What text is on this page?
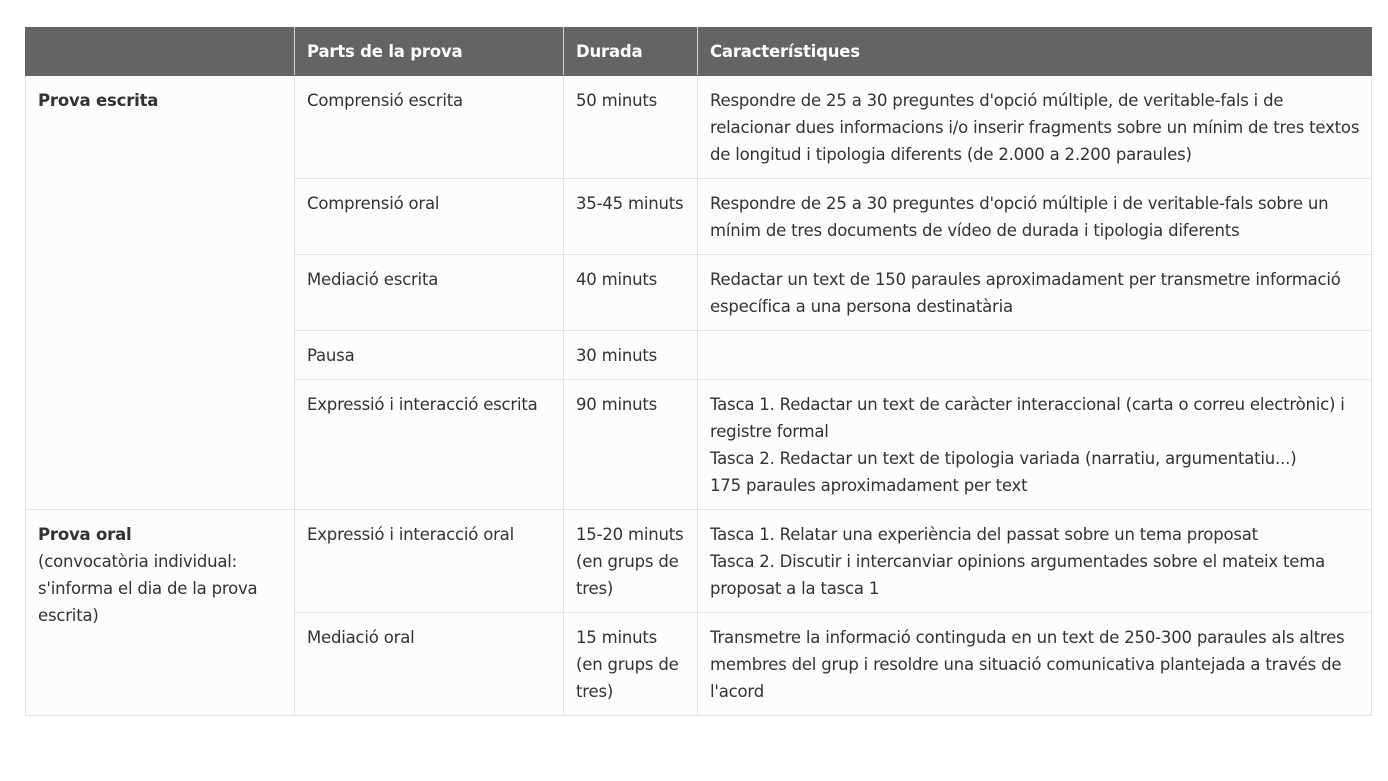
	Parts de la prova	Durada	Característiques

Prova escrita	Comprensió escrita	50 minuts	Respondre de 25 a 30 preguntes d'opció múltiple, de veritable-fals i de relacionar dues informacions i/o inserir fragments sobre un mínim de tres textos de longitud i tipologia diferents (de 2.000 a 2.200 paraules)

	Comprensió oral	35-45 minuts	Respondre de 25 a 30 preguntes d'opció múltiple i de veritable-fals sobre un mínim de tres documents de vídeo de durada i tipologia diferents

	Mediació escrita	40 minuts	Redactar un text de 150 paraules aproximadament per transmetre informació específica a una persona destinatària

	Pausa	30 minuts	
	Expressió i interacció escrita	90 minuts	Tasca 1. Redactar un text de caràcter interaccional (carta o correu electrònic) i registre formal
Tasca 2. Redactar un text de tipologia variada (narratiu, argumentatiu...)
175 paraules aproximadament per text

Prova oral
(convocatòria individual: s'informa el dia de la prova escrita)	Expressió i interacció oral	15-20 minuts (en grups de tres)	Tasca 1. Relatar una experiència del passat sobre un tema proposat
Tasca 2. Discutir i intercanviar opinions argumentades sobre el mateix tema proposat a la tasca 1

	Mediació oral	15 minuts (en grups de tres)	Transmetre la informació continguda en un text de 250-300 paraules als altres membres del grup i resoldre una situació comunicativa plantejada a través de l'acord
